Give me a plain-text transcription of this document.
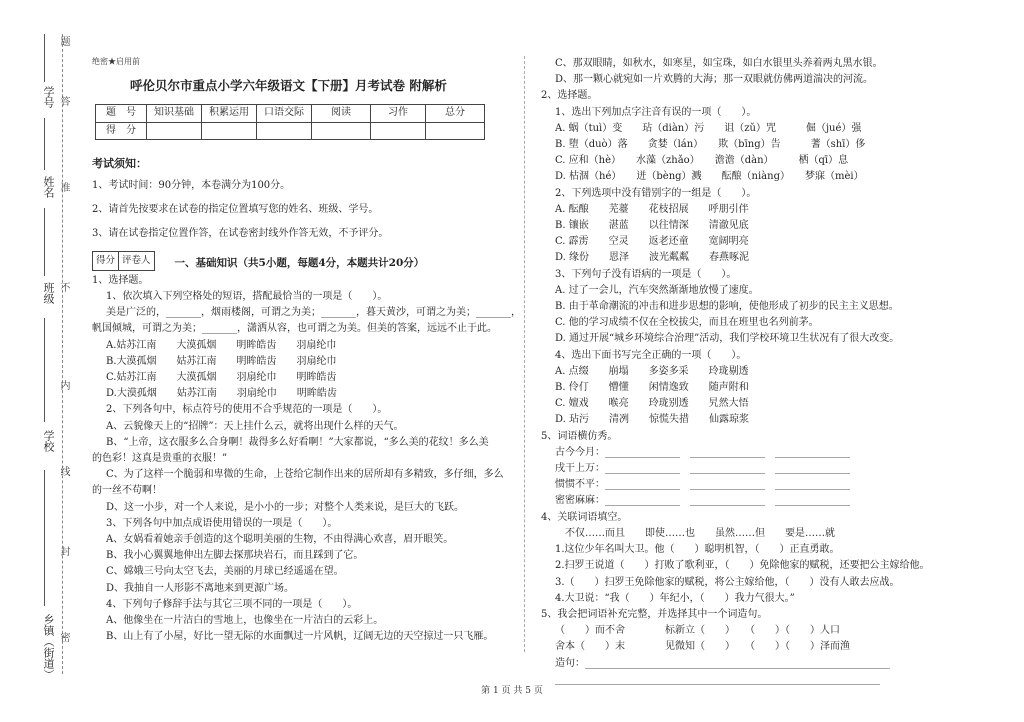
学号
姓名
班级
学校
乡镇（街道）
题
答
准
不
内
线
封
密
绝密★启用前
呼伦贝尔市重点小学六年级语文【下册】月考试卷 附解析
题　号	知识基础	积累运用	口语交际	阅读	习作	总分
得　分						
考试须知：

1、考试时间：90分钟，本卷满分为100分。

2、请首先按要求在试卷的指定位置填写您的姓名、班级、学号。

3、请在试卷指定位置作答，在试卷密封线外作答无效，不予评分。

得分 评卷人	一、基础知识（共5小题，每题4分，本题共计20分）

1、选择题。

1、依次填入下列空格处的短语，搭配最恰当的一项是（　　）。

美是广泛的，_______，烟雨楼阁，可谓之为美；_______，暮天黄沙，可谓之为美；_______，

帆国倾城，可谓之为美；_______，潇洒从容，也可谓之为美。但美的答案，远远不止于此。

A.姑苏江南　　大漠孤烟　　明眸皓齿　　羽扇纶巾

B.大漠孤烟　　姑苏江南　　明眸皓齿　　羽扇纶巾

C.姑苏江南　　大漠孤烟　　羽扇纶巾　　明眸皓齿

D.大漠孤烟　　姑苏江南　　羽扇纶巾　　明眸皓齿

2、下列各句中，标点符号的使用不合乎规范的一项是（　　）。

A、云貌像天上的“招牌”：天上挂什么云，就将出现什么样的天气。

B、“上帝，这衣服多么合身啊！裁得多么好看啊！”大家都说，“多么美的花纹！多么美

的色彩！这真是贵重的衣服！”

C、为了这样一个脆弱和卑微的生命，上苍给它制作出来的居所却有多精致，多仔细，多么

的一丝不苟啊！

D、这一小步，对一个人来说，是小小的一步；对整个人类来说，是巨大的飞跃。

3、下列各句中加点成语使用错误的一项是（　　）。

A、女娲看着她亲手创造的这个聪明美丽的生物，不由得满心欢喜，眉开眼笑。

B、我小心翼翼地伸出左脚去探那块岩石，而且踩到了它。

C、嫦娥三号向太空飞去，美丽的月球已经遥遥在望。

D、我抽自一人形影不离地来到更源广场。

4、下列句子修辞手法与其它三项不同的一项是（　　）。

A、他像坐在一片洁白的雪地上，也像坐在一片洁白的云彩上。

B、山上有了小屋，好比一望无际的水面飘过一片风帆，辽阔无边的天空掠过一只飞雁。

C、那双眼睛，如秋水，如寒星，如宝珠，如白水银里头养着两丸黑水银。

D、那一颗心就宛如一片欢腾的大海；那一双眼就仿佛两道湍决的河流。

2、选择题。

1、选出下列加点字注音有误的一项（　　）。

A. 蜗（tuì）变　　玷（diàn）污　　诅（zǔ）咒　　　倔（jué）强

B. 堕（duò）落　　贪婪（lán）　　欺（bīng）告　　　蓍（shī）侈

C. 应和（hè）　　水藻（zhǎo）　　澹澹（dàn）　　　栖（qī）息

D. 枯涸（hé）　　迸（bèng）溅　　酝酿（niàng）　　梦寐（mèi）

2、下列选项中没有错别字的一组是（　　）。

A. 酝酿　　芜薹　　花枝招展　　呼朋引伴

B. 镶嵌　　湛蓝　　以往情深　　清澈见底

C. 霹雳　　空灵　　返老还童　　宽阔明亮

D. 缘份　　恩泽　　波光粼粼　　春燕啄泥

3、下列句子没有语病的一项是（　　）。

A. 过了一会儿，汽车突然渐渐地放慢了速度。

B. 由于革命潮流的冲击和进步思想的影响，使他形成了初步的民主主义思想。

C. 他的学习成绩不仅在全校拔尖，而且在班里也名列前茅。

D. 通过开展“城乡环境综合治理”活动，我们学校环境卫生状况有了很大改变。

4、选出下面书写完全正确的一项（　　）。

A. 点缀　　崩塌　　多姿多采　　玲珑剔透

B. 伶仃　　懵懂　　闲情逸致　　随声附和

C. 嬗戏　　喉亮　　玲珑别透　　旯然大悟

D. 玷污　　清冽　　惊慌失措　　仙露琼浆

5、词语横仿秀。

古今今月：_______________　_______________　_______________

戌干上万：_______________　_______________　_______________

惯惯不平：_______________　_______________　_______________

密密麻麻：_______________　_______________　_______________

4、关联词语填空。

不仅……而且　　即使……也　　虽然……但　　要是……就

1.这位少年名叫大卫。他（　　）聪明机智，（　　）正直勇敢。

2.扫罗王说道（　　）打败了歌利亚，（　　）免除他家的赋税，还要把公主嫁给他。

3.（　　）扫罗王免除他家的赋税，将公主嫁给他，（　　）没有人敢去应战。

4.大卫说：“我（　　）年纪小，（　　）我力气很大。”

5、我会把词语补充完整，并选择其中一个词造句。

（　　）而不舍　　　　标新立（　　）　　（　　）（　　）人口

舍本（　　）末　　　　见微知（　　）　　（　　）（　　）泽而渔

造句：_____________________________________________________________

_________________________________________________________________

第 1 页 共 5 页
